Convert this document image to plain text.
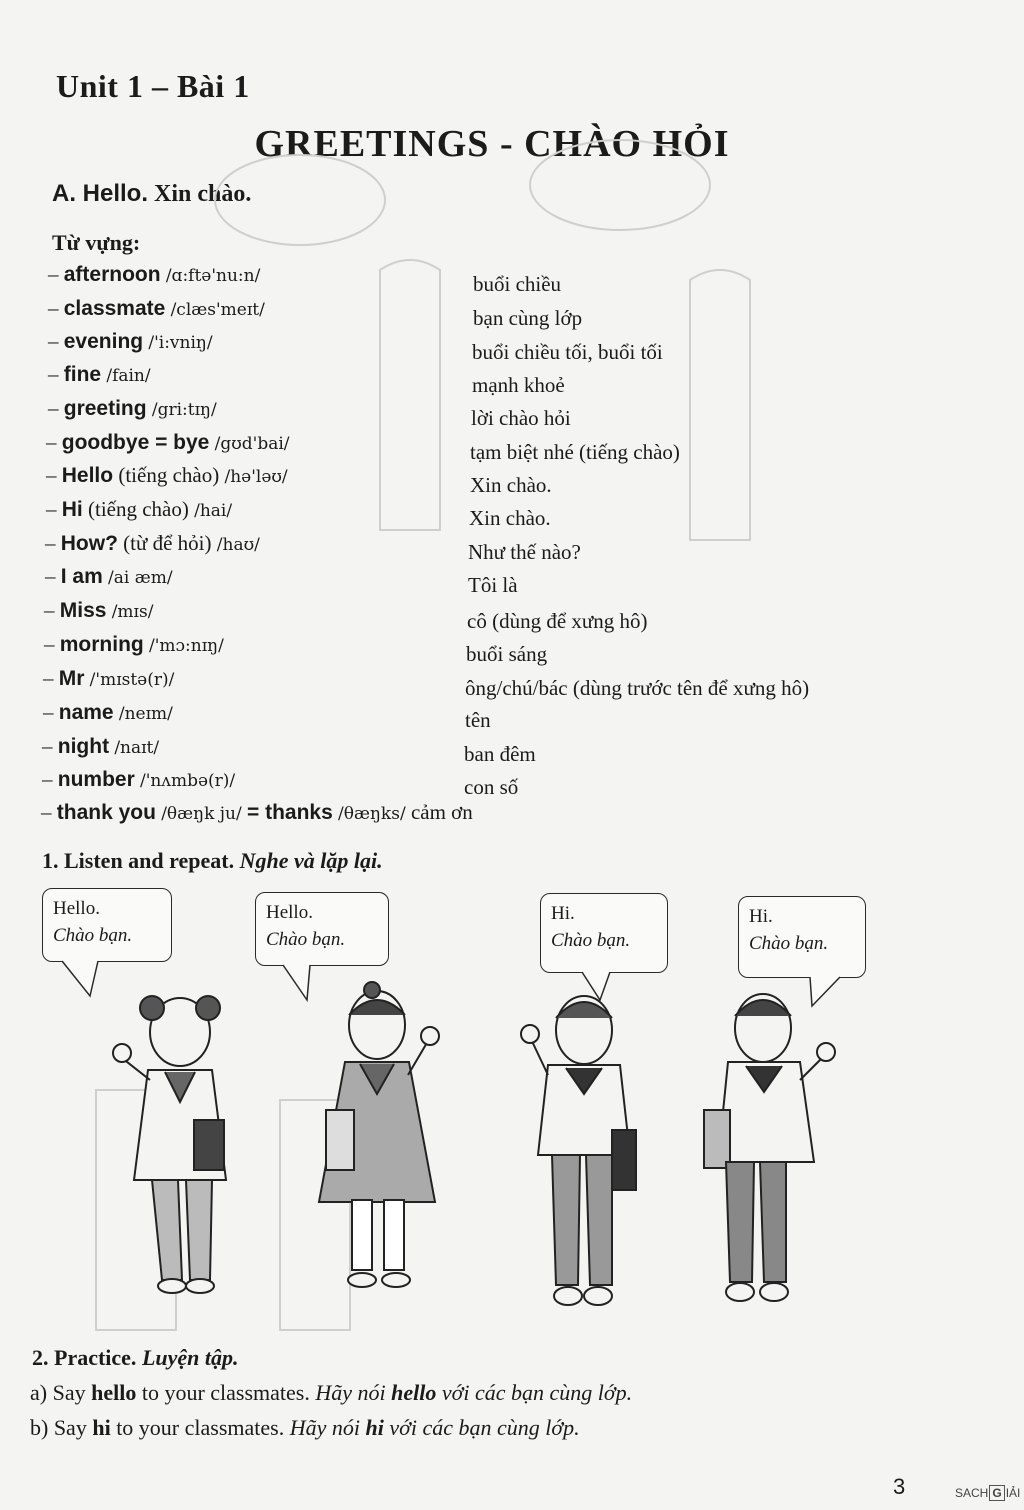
Unit 1 – Bài 1
GREETINGS - CHÀO HỎI
A. Hello. Xin chào.
Từ vựng:
– afternoon /ɑ:ftə'nu:n/	buổi chiều
– classmate /clæs'meɪt/	bạn cùng lớp
– evening /'i:vniŋ/	buổi chiều tối, buổi tối
– fine /fain/	mạnh khoẻ
– greeting /gri:tɪŋ/	lời chào hỏi
– goodbye = bye /gʊd'bai/	tạm biệt nhé (tiếng chào)
– Hello (tiếng chào) /hə'ləʊ/	Xin chào.
– Hi (tiếng chào) /hai/	Xin chào.
– How? (từ để hỏi) /haʊ/	Như thế nào?
– I am /ai æm/	Tôi là
– Miss /mɪs/	cô (dùng để xưng hô)
– morning /'mɔ:nɪŋ/	buổi sáng
– Mr /'mɪstə(r)/	ông/chú/bác (dùng trước tên để xưng hô)
– name /neɪm/	tên
– night /naɪt/	ban đêm
– number /'nʌmbə(r)/	con số
– thank you /θæŋk ju/ = thanks /θæŋks/ cảm ơn
1. Listen and repeat. Nghe và lặp lại.
Hello.
Chào bạn.
Hello.
Chào bạn.
Hi.
Chào bạn.
Hi.
Chào bạn.
2. Practice. Luyện tập.
a) Say hello to your classmates. Hãy nói hello với các bạn cùng lớp.
b) Say hi to your classmates. Hãy nói hi với các bạn cùng lớp.
3	SACH G IẢI
